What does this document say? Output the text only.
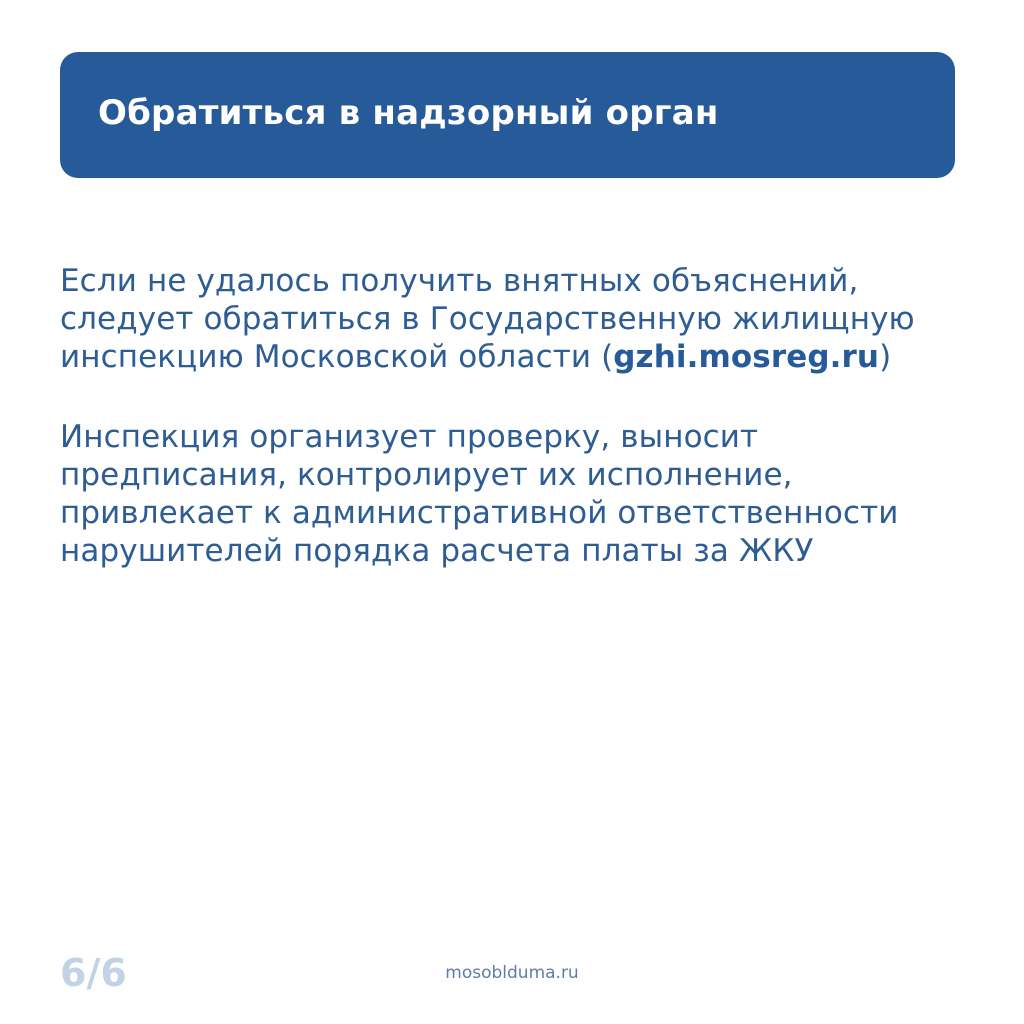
Обратиться в надзорный орган
Если не удалось получить внятных объяснений,
следует обратиться в Государственную жилищную
инспекцию Московской области (gzhi.mosreg.ru)
Инспекция организует проверку, выносит
предписания, контролирует их исполнение,
привлекает к административной ответственности
нарушителей порядка расчета платы за ЖКУ
6/6	mosobldumа.ru
